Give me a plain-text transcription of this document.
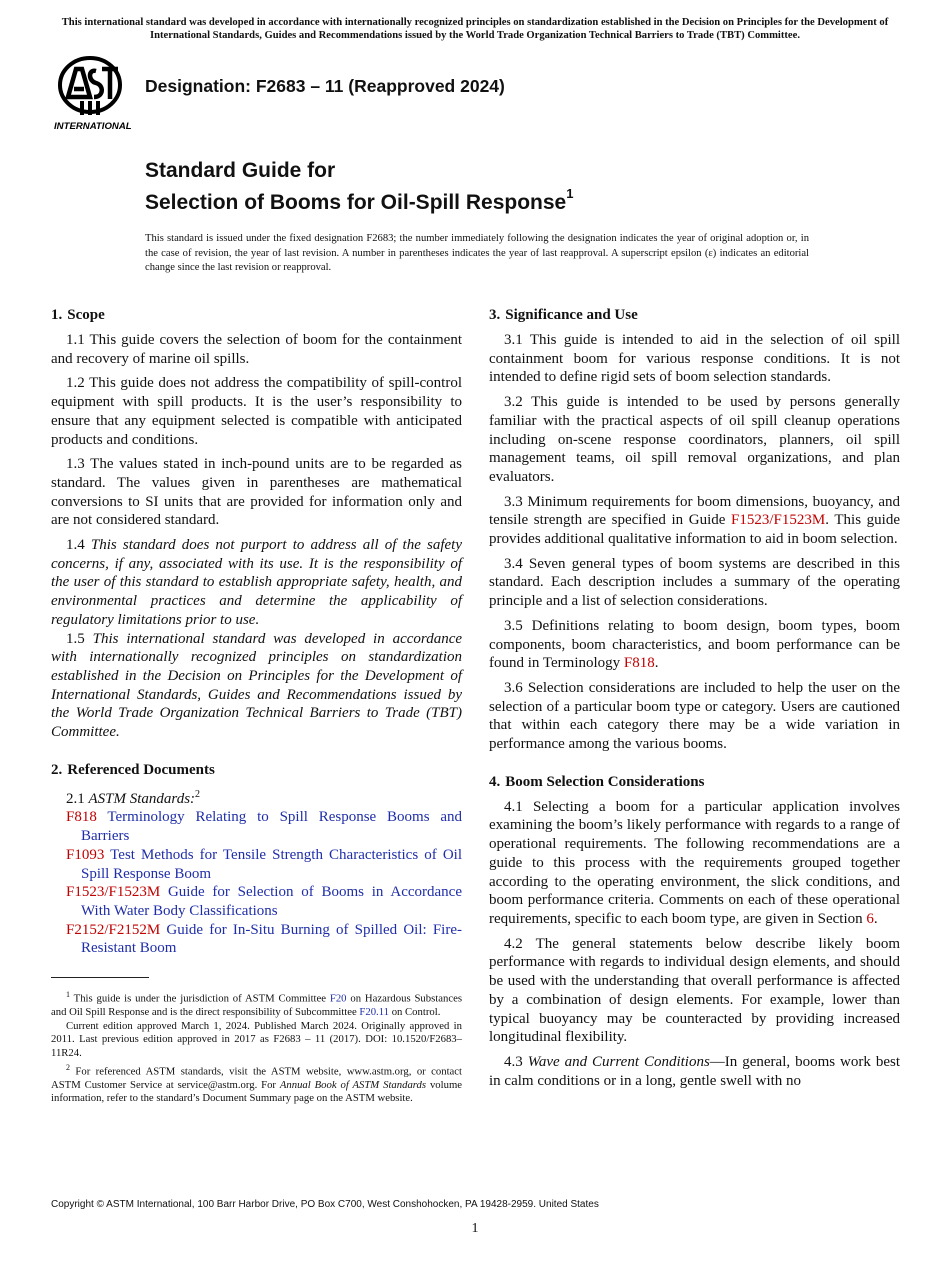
This international standard was developed in accordance with internationally recognized principles on standardization established in the Decision on Principles for the Development of International Standards, Guides and Recommendations issued by the World Trade Organization Technical Barriers to Trade (TBT) Committee.
INTERNATIONAL
Designation: F2683 – 11 (Reapproved 2024)
Standard Guide for
Selection of Booms for Oil-Spill Response$^1$
This standard is issued under the fixed designation F2683; the number immediately following the designation indicates the year of original adoption or, in the case of revision, the year of last revision. A number in parentheses indicates the year of last reapproval. A superscript epsilon (ε) indicates an editorial change since the last revision or reapproval.
1. Scope

1.1 This guide covers the selection of boom for the containment and recovery of marine oil spills.

1.2 This guide does not address the compatibility of spill-control equipment with spill products. It is the user’s responsibility to ensure that any equipment selected is compatible with anticipated products and conditions.

1.3 The values stated in inch-pound units are to be regarded as standard. The values given in parentheses are mathematical conversions to SI units that are provided for information only and are not considered standard.

1.4 This standard does not purport to address all of the safety concerns, if any, associated with its use. It is the responsibility of the user of this standard to establish appropriate safety, health, and environmental practices and determine the applicability of regulatory limitations prior to use.

1.5 This international standard was developed in accordance with internationally recognized principles on standardization established in the Decision on Principles for the Development of International Standards, Guides and Recommendations issued by the World Trade Organization Technical Barriers to Trade (TBT) Committee.

2. Referenced Documents

2.1 ASTM Standards:$^2$

F818 Terminology Relating to Spill Response Booms and Barriers
F1093 Test Methods for Tensile Strength Characteristics of Oil Spill Response Boom
F1523/F1523M Guide for Selection of Booms in Accordance With Water Body Classifications
F2152/F2152M Guide for In-Situ Burning of Spilled Oil: Fire-Resistant Boom
3. Significance and Use

3.1 This guide is intended to aid in the selection of oil spill containment boom for various response conditions. It is not intended to define rigid sets of boom selection standards.

3.2 This guide is intended to be used by persons generally familiar with the practical aspects of oil spill cleanup operations including on-scene response coordinators, planners, oil spill management teams, oil spill removal organizations, and plan evaluators.

3.3 Minimum requirements for boom dimensions, buoyancy, and tensile strength are specified in Guide F1523/F1523M. This guide provides additional qualitative information to aid in boom selection.

3.4 Seven general types of boom systems are described in this standard. Each description includes a summary of the operating principle and a list of selection considerations.

3.5 Definitions relating to boom design, boom types, boom components, boom characteristics, and boom performance can be found in Terminology F818.

3.6 Selection considerations are included to help the user on the selection of a particular boom type or category. Users are cautioned that within each category there may be a wide variation in performance among the various booms.

4. Boom Selection Considerations

4.1 Selecting a boom for a particular application involves examining the boom’s likely performance with regards to a range of operational requirements. The following recommendations are a guide to this process with the requirements grouped together according to the operating environment, the slick conditions, and boom performance criteria. Comments on each of these operational requirements, specific to each boom type, are given in Section 6.

4.2 The general statements below describe likely boom performance with regards to individual design elements, and should be used with the understanding that overall performance is affected by a combination of design elements. For example, lower than typical buoyancy may be counteracted by providing increased longitudinal flexibility.

4.3 Wave and Current Conditions—In general, booms work best in calm conditions or in a long, gentle swell with no

$^1$ This guide is under the jurisdiction of ASTM Committee F20 on Hazardous Substances and Oil Spill Response and is the direct responsibility of Subcommittee F20.11 on Control.

Current edition approved March 1, 2024. Published March 2024. Originally approved in 2011. Last previous edition approved in 2017 as F2683 – 11 (2017). DOI: 10.1520/F2683–11R24.

$^2$ For referenced ASTM standards, visit the ASTM website, www.astm.org, or contact ASTM Customer Service at service@astm.org. For Annual Book of ASTM Standards volume information, refer to the standard’s Document Summary page on the ASTM website.

Copyright © ASTM International, 100 Barr Harbor Drive, PO Box C700, West Conshohocken, PA 19428-2959. United States
1
